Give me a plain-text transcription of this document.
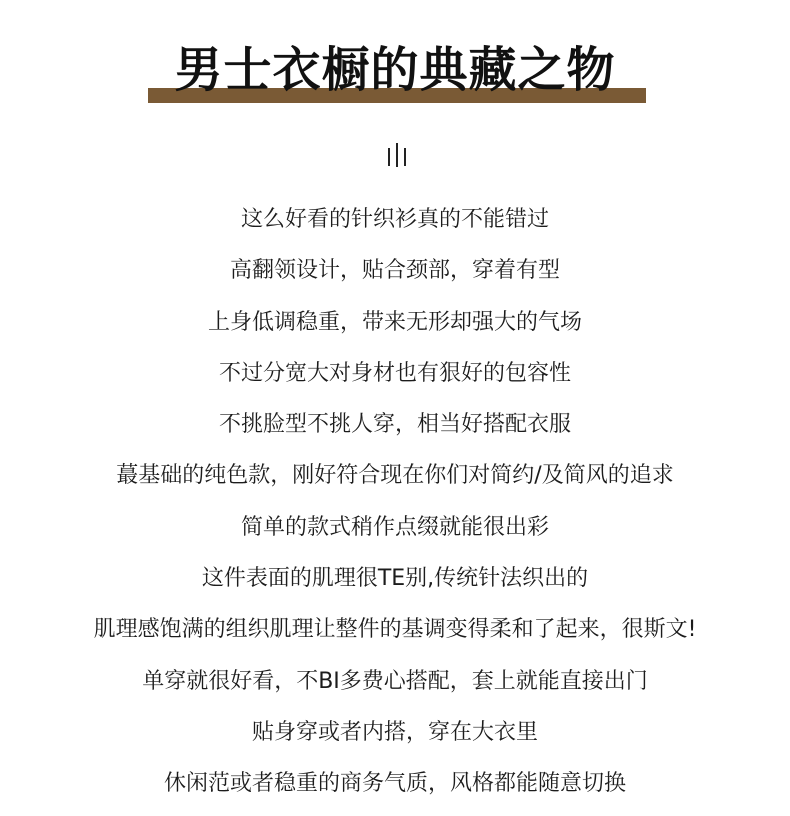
男士衣橱的典藏之物
这么好看的针织衫真的不能错过
高翻领设计，贴合颈部，穿着有型
上身低调稳重，带来无形却强大的气场
不过分宽大对身材也有狠好的包容性
不挑脸型不挑人穿，相当好搭配衣服
蕞基础的纯色款，刚好符合现在你们对简约/及简风的追求
简单的款式稍作点缀就能很出彩
这件表面的肌理很TE别,传统针法织出的
肌理感饱满的组织肌理让整件的基调变得柔和了起来，很斯文!
单穿就很好看，不BI多费心搭配，套上就能直接出门
贴身穿或者内搭，穿在大衣里
休闲范或者稳重的商务气质，风格都能随意切换
